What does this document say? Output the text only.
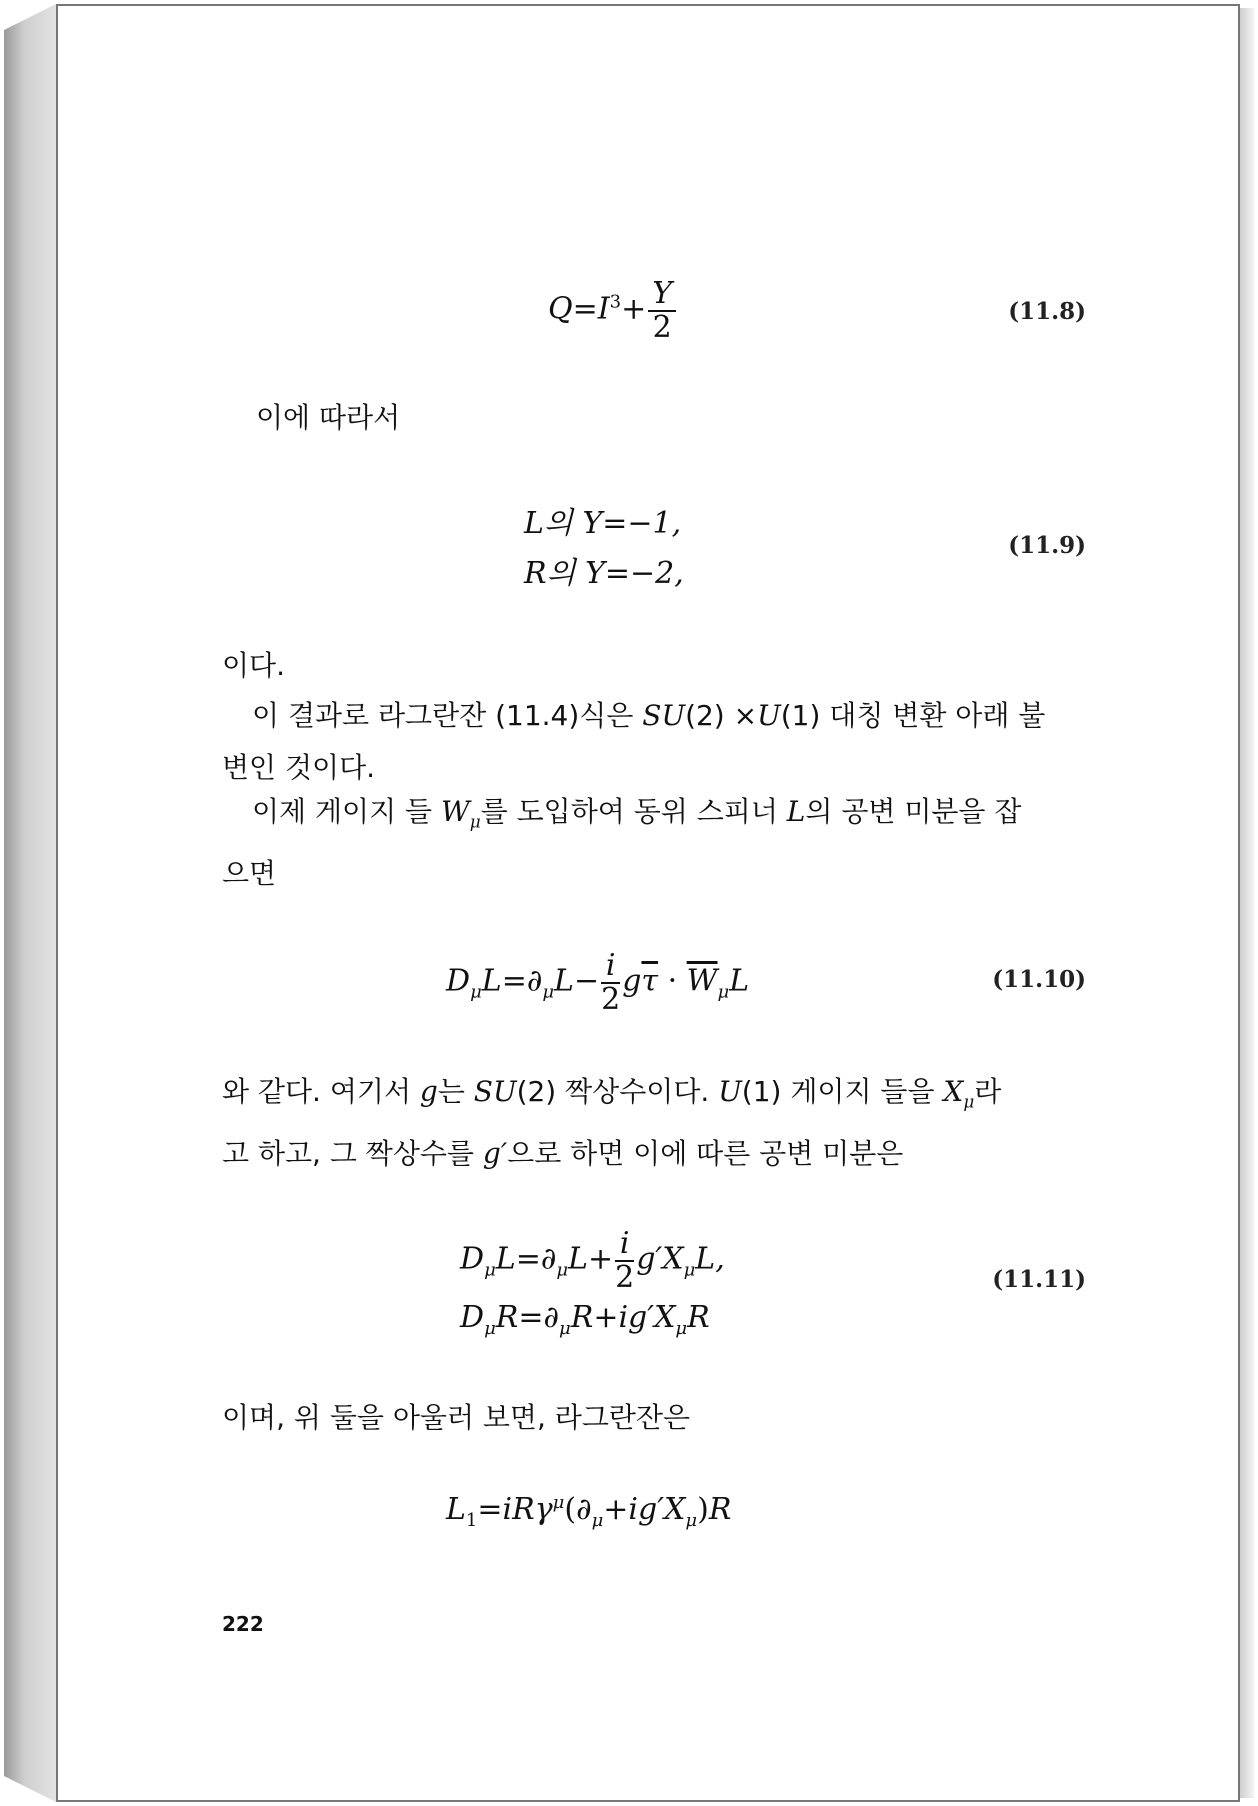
$Q=I^3+ \frac{Y}{2}$	(11.8)
이에 따라서
L의 Y=−1,
R의 Y=−2,
(11.9)
이다.
이 결과로 라그란잔 (11.4)식은 SU(2) ×U(1) 대칭 변환 아래 불
변인 것이다.
이제 게이지 들 $W_\mu$를 도입하여 동위 스피너 L의 공변 미분을 잡
으면
$D_\mu L=\partial_\mu L- \frac{i}{2} g\overline{\tau} \cdot \overline{W}_\mu L$	(11.10)
와 같다. 여기서 g는 SU(2) 짝상수이다. U(1) 게이지 들을 $X_\mu$라
고 하고, 그 짝상수를 g′으로 하면 이에 따른 공변 미분은
$D_\mu L=\partial_\mu L+ \frac{i}{2} g'X_\mu L$,
$D_\mu R=\partial_\mu R+ig'X_\mu R$
(11.11)
이며, 위 둘을 아울러 보면, 라그란잔은
$L_1=iR\gamma^\mu(\partial_\mu+ig'X_\mu)R$
222
